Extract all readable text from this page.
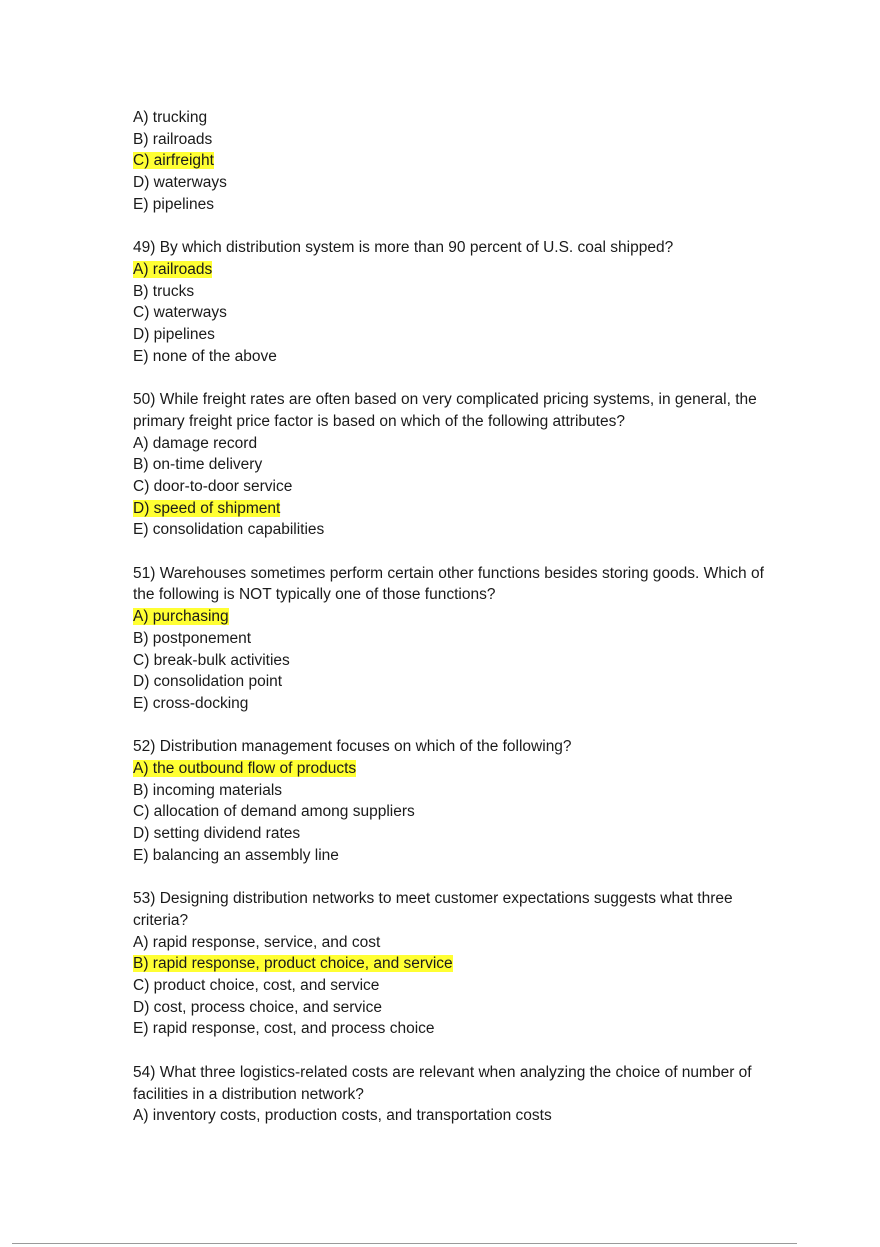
A) trucking
B) railroads
C) airfreight
D) waterways
E) pipelines
49) By which distribution system is more than 90 percent of U.S. coal shipped?
A) railroads
B) trucks
C) waterways
D) pipelines
E) none of the above
50) While freight rates are often based on very complicated pricing systems, in general, the primary freight price factor is based on which of the following attributes?
A) damage record
B) on-time delivery
C) door-to-door service
D) speed of shipment
E) consolidation capabilities
51) Warehouses sometimes perform certain other functions besides storing goods. Which of the following is NOT typically one of those functions?
A) purchasing
B) postponement
C) break-bulk activities
D) consolidation point
E) cross-docking
52) Distribution management focuses on which of the following?
A) the outbound flow of products
B) incoming materials
C) allocation of demand among suppliers
D) setting dividend rates
E) balancing an assembly line
53) Designing distribution networks to meet customer expectations suggests what three criteria?
A) rapid response, service, and cost
B) rapid response, product choice, and service
C) product choice, cost, and service
D) cost, process choice, and service
E) rapid response, cost, and process choice
54) What three logistics-related costs are relevant when analyzing the choice of number of facilities in a distribution network?
A) inventory costs, production costs, and transportation costs
